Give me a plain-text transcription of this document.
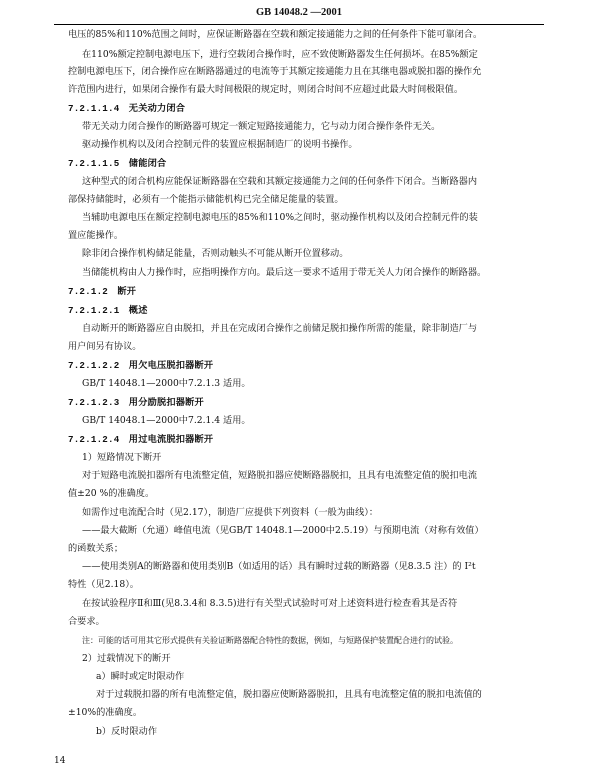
GB 14048.2 —2001
电压的85%和110%范围之间时，应保证断路器在空载和额定接通能力之间的任何条件下能可靠闭合。
在110%额定控制电源电压下，进行空载闭合操作时，应不致使断路器发生任何损坏。在85%额定
控制电源电压下，闭合操作应在断路器通过的电流等于其额定接通能力且在其继电器或脱扣器的操作允
许范围内进行，如果闭合操作有最大时间极限的规定时，则闭合时间不应超过此最大时间极限值。
7.2.1.1.4　无关动力闭合
带无关动力闭合操作的断路器可规定一额定短路接通能力，它与动力闭合操作条件无关。
驱动操作机构以及闭合控制元件的装置应根据制造厂的说明书操作。
7.2.1.1.5　储能闭合
这种型式的闭合机构应能保证断路器在空载和其额定接通能力之间的任何条件下闭合。当断路器内
部保持储能时，必须有一个能指示储能机构已完全储足能量的装置。
当辅助电源电压在额定控制电源电压的85%和110%之间时，驱动操作机构以及闭合控制元件的装
置应能操作。
除非闭合操作机构储足能量，否则动触头不可能从断开位置移动。
当储能机构由人力操作时，应指明操作方向。最后这一要求不适用于带无关人力闭合操作的断路器。
7.2.1.2　断开
7.2.1.2.1　概述
自动断开的断路器应自由脱扣，并且在完成闭合操作之前储足脱扣操作所需的能量，除非制造厂与
用户间另有协议。
7.2.1.2.2　用欠电压脱扣器断开
GB/T 14048.1—2000中7.2.1.3 适用。
7.2.1.2.3　用分励脱扣器断开
GB/T 14048.1—2000中7.2.1.4 适用。
7.2.1.2.4　用过电流脱扣器断开
1）短路情况下断开
对于短路电流脱扣器所有电流整定值，短路脱扣器应使断路器脱扣，且具有电流整定值的脱扣电流
值±20 %的准确度。
如需作过电流配合时（见2.17），制造厂应提供下列资料（一般为曲线）：
——最大截断（允通）峰值电流（见GB/T 14048.1—2000中2.5.19）与预期电流（对称有效值）
的函数关系；
——使用类别A的断路器和使用类别B（如适用的话）具有瞬时过载的断路器（见8.3.5 注）的 I²t
特性（见2.18）。
在按试验程序Ⅱ和Ⅲ(见8.3.4和 8.3.5)进行有关型式试验时可对上述资料进行检查看其是否符
合要求。
注：可能的话可用其它形式提供有关验证断路器配合特性的数据，例如，与短路保护装置配合进行的试验。
2）过载情况下的断开
a）瞬时或定时限动作
对于过载脱扣器的所有电流整定值，脱扣器应使断路器脱扣，且具有电流整定值的脱扣电流值的
±10%的准确度。
b）反时限动作
14
